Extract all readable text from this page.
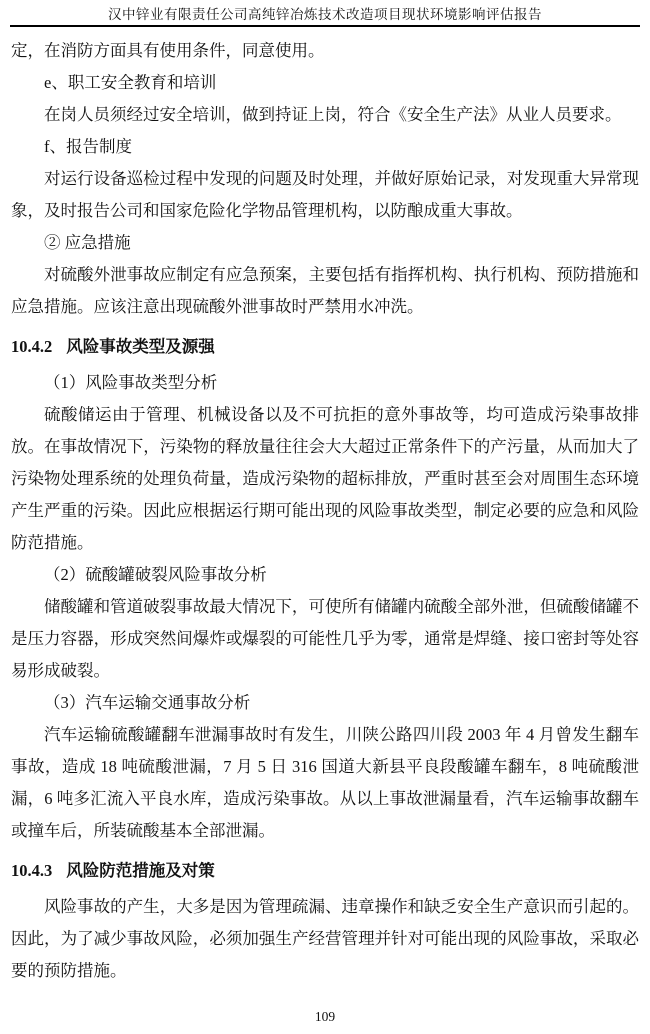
汉中锌业有限责任公司高纯锌冶炼技术改造项目现状环境影响评估报告

定，在消防方面具有使用条件，同意使用。

e、职工安全教育和培训

在岗人员须经过安全培训，做到持证上岗，符合《安全生产法》从业人员要求。

f、报告制度

对运行设备巡检过程中发现的问题及时处理，并做好原始记录，对发现重大异常现象，及时报告公司和国家危险化学物品管理机构，以防酿成重大事故。

② 应急措施

对硫酸外泄事故应制定有应急预案，主要包括有指挥机构、执行机构、预防措施和应急措施。应该注意出现硫酸外泄事故时严禁用水冲洗。

10.4.2 风险事故类型及源强

（1）风险事故类型分析

硫酸储运由于管理、机械设备以及不可抗拒的意外事故等，均可造成污染事故排放。在事故情况下，污染物的释放量往往会大大超过正常条件下的产污量，从而加大了污染物处理系统的处理负荷量，造成污染物的超标排放，严重时甚至会对周围生态环境产生严重的污染。因此应根据运行期可能出现的风险事故类型，制定必要的应急和风险防范措施。

（2）硫酸罐破裂风险事故分析

储酸罐和管道破裂事故最大情况下，可使所有储罐内硫酸全部外泄，但硫酸储罐不是压力容器，形成突然间爆炸或爆裂的可能性几乎为零，通常是焊缝、接口密封等处容易形成破裂。

（3）汽车运输交通事故分析

汽车运输硫酸罐翻车泄漏事故时有发生，川陕公路四川段 2003 年 4 月曾发生翻车事故，造成 18 吨硫酸泄漏，7 月 5 日 316 国道大新县平良段酸罐车翻车，8 吨硫酸泄漏，6 吨多汇流入平良水库，造成污染事故。从以上事故泄漏量看，汽车运输事故翻车或撞车后，所装硫酸基本全部泄漏。

10.4.3 风险防范措施及对策

风险事故的产生，大多是因为管理疏漏、违章操作和缺乏安全生产意识而引起的。因此，为了减少事故风险，必须加强生产经营管理并针对可能出现的风险事故，采取必要的预防措施。

109
